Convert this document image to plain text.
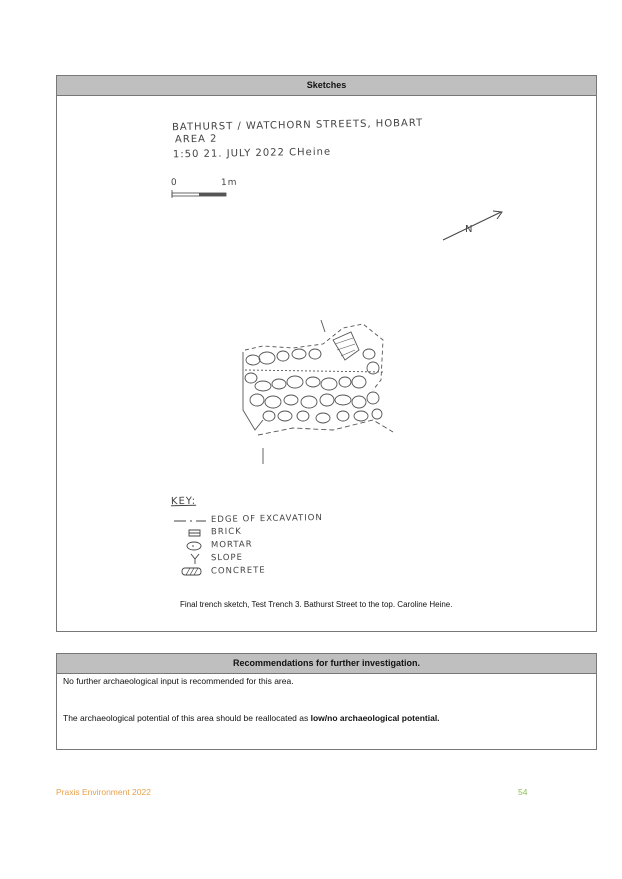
Sketches
BATHURST / WATCHORN STREETS, HOBART
AREA 2
1:50 21. JULY 2022 CHeine
0	1m
N
KEY:
EDGE OF EXCAVATION
BRICK
MORTAR
SLOPE
CONCRETE
Final trench sketch, Test Trench 3. Bathurst Street to the top. Caroline Heine.
Recommendations for further investigation.
No further archaeological input is recommended for this area.
The archaeological potential of this area should be reallocated as low/no archaeological potential.
Praxis Environment 2022	54
